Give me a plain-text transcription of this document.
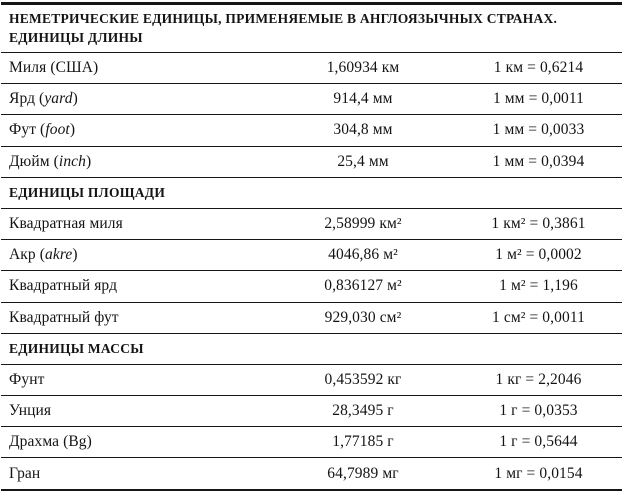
НЕМЕТРИЧЕСКИЕ ЕДИНИЦЫ, ПРИМЕНЯЕМЫЕ В АНГЛОЯЗЫЧНЫХ СТРАНАХ.
ЕДИНИЦЫ ДЛИНЫ
Миля (США)	1,60934 км	1 км = 0,6214
Ярд (yard)	914,4 мм	1 мм = 0,0011
Фут (foot)	304,8 мм	1 мм = 0,0033
Дюйм (inch)	25,4 мм	1 мм = 0,0394
ЕДИНИЦЫ ПЛОЩАДИ
Квадратная миля	2,58999 км²	1 км² = 0,3861
Акр (akre)	4046,86 м²	1 м² = 0,0002
Квадратный ярд	0,836127 м²	1 м² = 1,196
Квадратный фут	929,030 см²	1 см² = 0,0011
ЕДИНИЦЫ МАССЫ
Фунт	0,453592 кг	1 кг = 2,2046
Унция	28,3495 г	1 г = 0,0353
Драхма (Bg)	1,77185 г	1 г = 0,5644
Гран	64,7989 мг	1 мг = 0,0154
